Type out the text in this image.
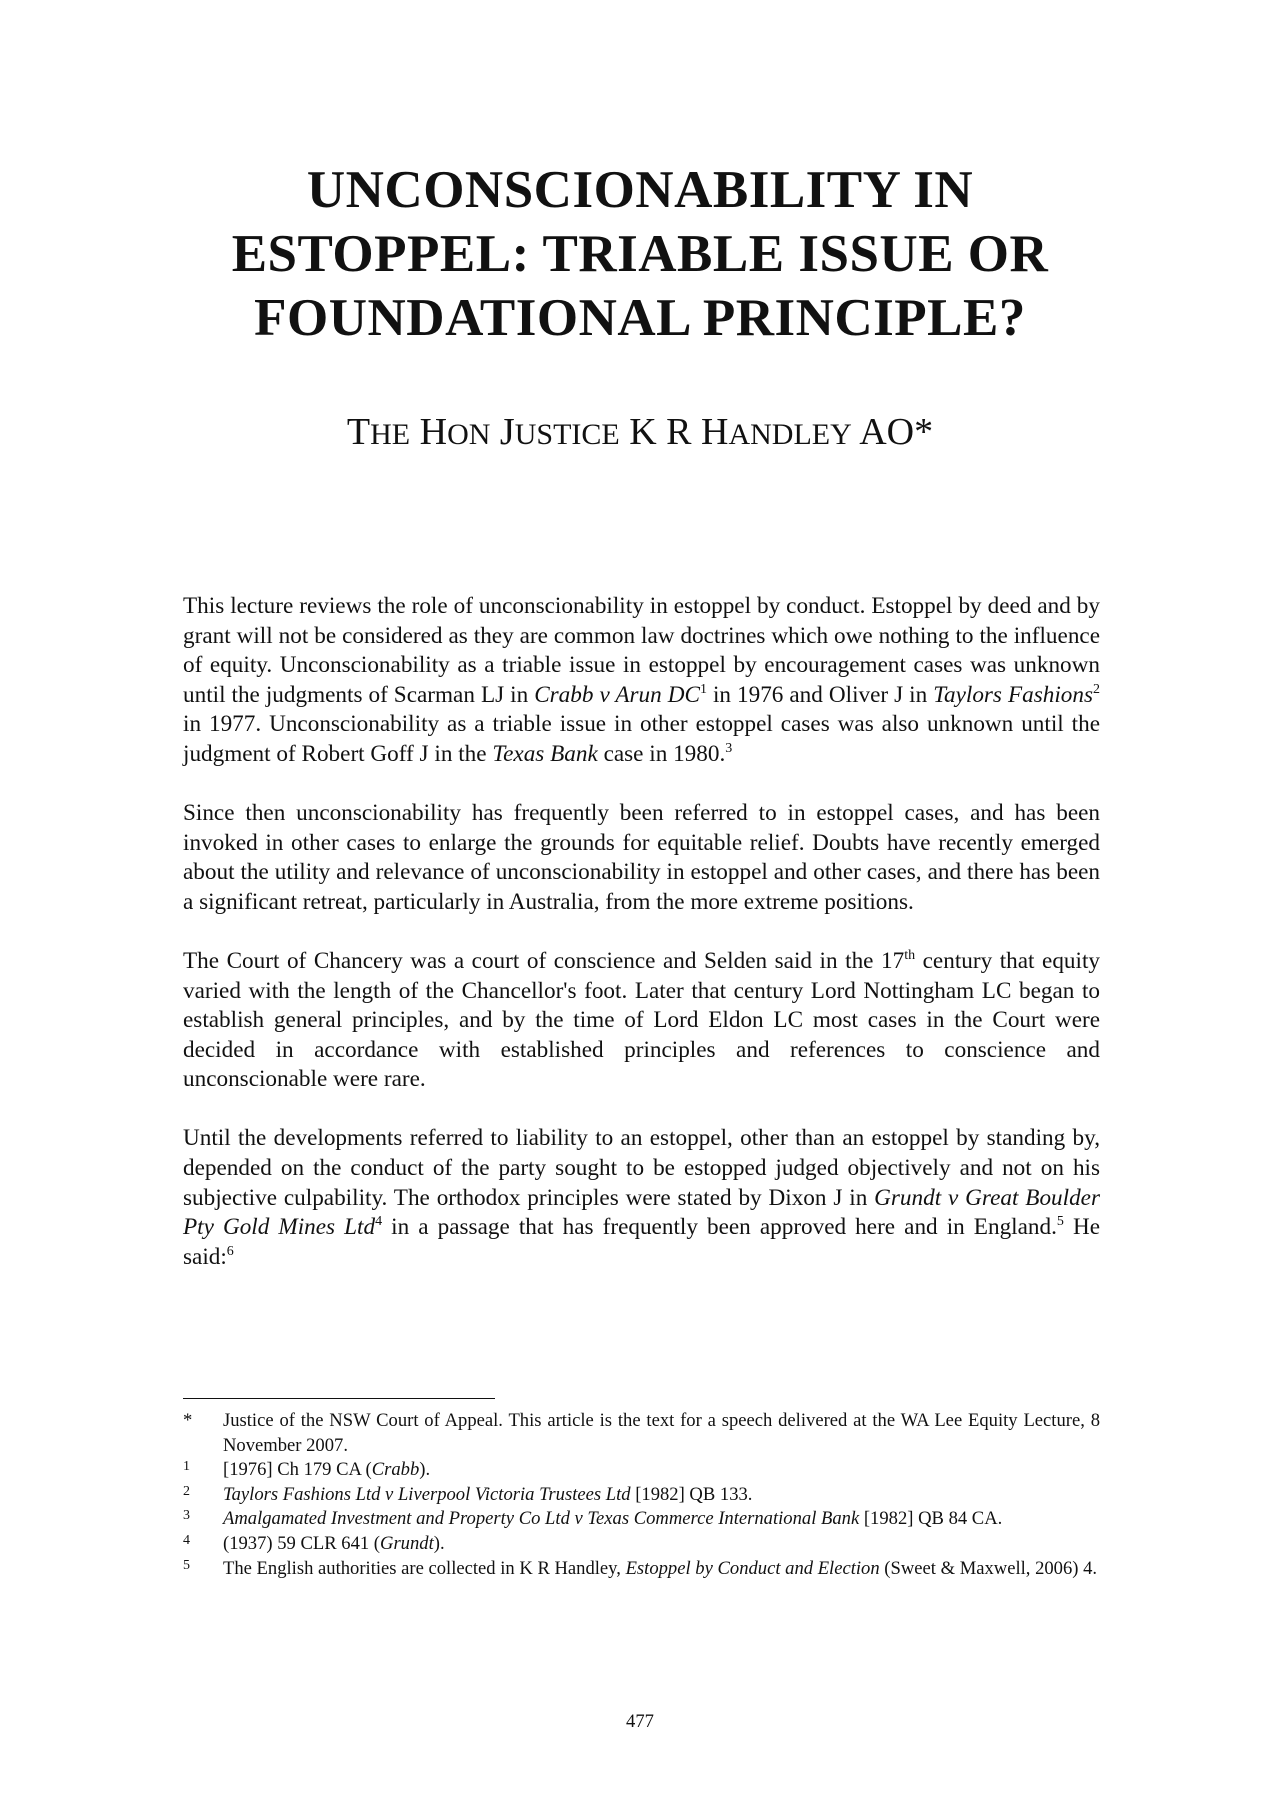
UNCONSCIONABILITY IN
ESTOPPEL: TRIABLE ISSUE OR
FOUNDATIONAL PRINCIPLE?

THE HON JUSTICE K R HANDLEY AO*

This lecture reviews the role of unconscionability in estoppel by conduct. Estoppel by deed and by grant will not be considered as they are common law doctrines which owe nothing to the influence of equity. Unconscionability as a triable issue in estoppel by encouragement cases was unknown until the judgments of Scarman LJ in Crabb v Arun $DC^1$ in 1976 and Oliver J in Taylors Fashions$^2$ in 1977. Unconscionability as a triable issue in other estoppel cases was also unknown until the judgment of Robert Goff J in the Texas Bank case in 1980.$^3$

Since then unconscionability has frequently been referred to in estoppel cases, and has been invoked in other cases to enlarge the grounds for equitable relief. Doubts have recently emerged about the utility and relevance of unconscionability in estoppel and other cases, and there has been a significant retreat, particularly in Australia, from the more extreme positions.

The Court of Chancery was a court of conscience and Selden said in the 17th century that equity varied with the length of the Chancellor's foot. Later that century Lord Nottingham LC began to establish general principles, and by the time of Lord Eldon LC most cases in the Court were decided in accordance with established principles and references to conscience and unconscionable were rare.

Until the developments referred to liability to an estoppel, other than an estoppel by standing by, depended on the conduct of the party sought to be estopped judged objectively and not on his subjective culpability. The orthodox principles were stated by Dixon J in Grundt v Great Boulder Pty Gold Mines Ltd$^4$ in a passage that has frequently been approved here and in England.$^5$ He said:$^6$

*	Justice of the NSW Court of Appeal. This article is the text for a speech delivered at the WA Lee Equity Lecture, 8 November 2007.
1	[1976] Ch 179 CA (Crabb).
2	Taylors Fashions Ltd v Liverpool Victoria Trustees Ltd [1982] QB 133.
3	Amalgamated Investment and Property Co Ltd v Texas Commerce International Bank [1982] QB 84 CA.
4	(1937) 59 CLR 641 (Grundt).
5	The English authorities are collected in K R Handley, Estoppel by Conduct and Election (Sweet & Maxwell, 2006) 4.
477
